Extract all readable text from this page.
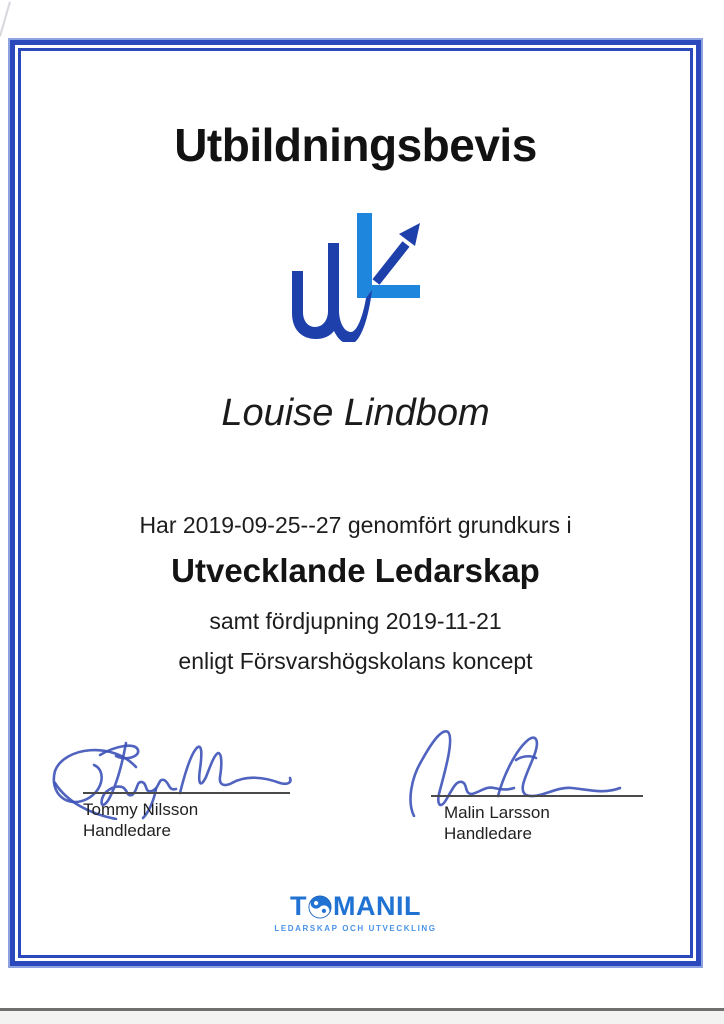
Utbildningsbevis
Louise Lindbom
Har 2019-09-25--27 genomfört grundkurs i
Utvecklande Ledarskap
samt fördjupning 2019-11-21
enligt Försvarshögskolans koncept
Tommy Nilsson
Handledare
Malin Larsson
Handledare
T MANIL
LEDARSKAP OCH UTVECKLING
